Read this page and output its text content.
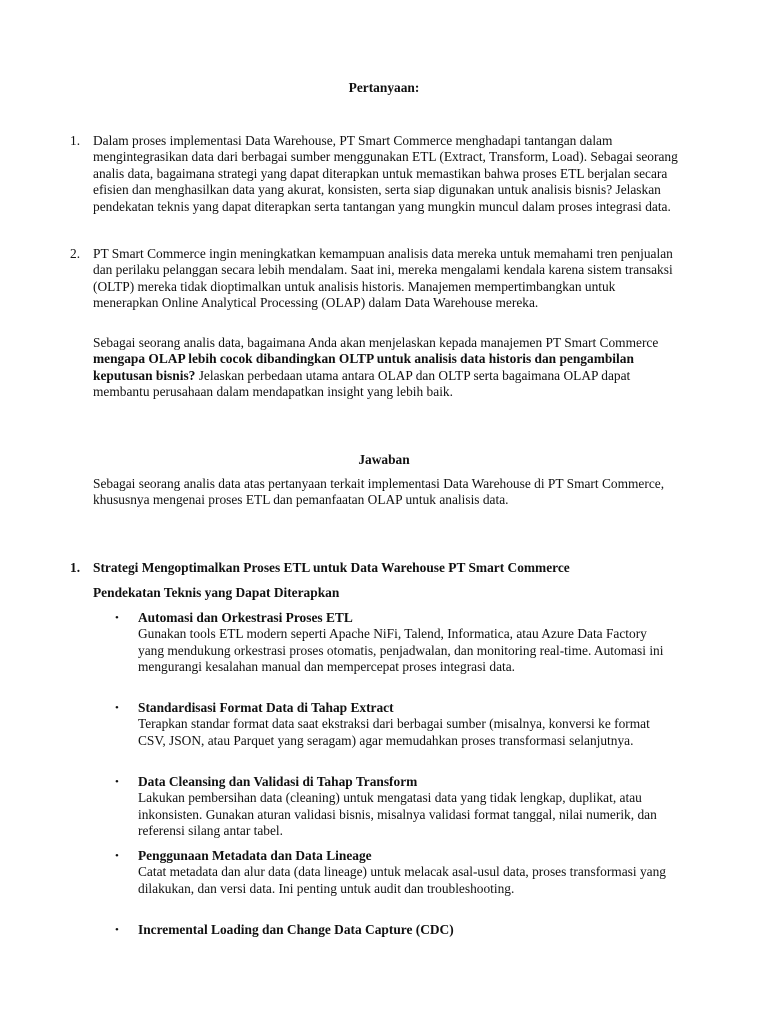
Pertanyaan:
1. Dalam proses implementasi Data Warehouse, PT Smart Commerce menghadapi tantangan dalam mengintegrasikan data dari berbagai sumber menggunakan ETL (Extract, Transform, Load). Sebagai seorang analis data, bagaimana strategi yang dapat diterapkan untuk memastikan bahwa proses ETL berjalan secara efisien dan menghasilkan data yang akurat, konsisten, serta siap digunakan untuk analisis bisnis? Jelaskan pendekatan teknis yang dapat diterapkan serta tantangan yang mungkin muncul dalam proses integrasi data.
2. PT Smart Commerce ingin meningkatkan kemampuan analisis data mereka untuk memahami tren penjualan dan perilaku pelanggan secara lebih mendalam. Saat ini, mereka mengalami kendala karena sistem transaksi (OLTP) mereka tidak dioptimalkan untuk analisis historis. Manajemen mempertimbangkan untuk menerapkan Online Analytical Processing (OLAP) dalam Data Warehouse mereka.
Sebagai seorang analis data, bagaimana Anda akan menjelaskan kepada manajemen PT Smart Commerce mengapa OLAP lebih cocok dibandingkan OLTP untuk analisis data historis dan pengambilan keputusan bisnis? Jelaskan perbedaan utama antara OLAP dan OLTP serta bagaimana OLAP dapat membantu perusahaan dalam mendapatkan insight yang lebih baik.
Jawaban
Sebagai seorang analis data atas pertanyaan terkait implementasi Data Warehouse di PT Smart Commerce, khususnya mengenai proses ETL dan pemanfaatan OLAP untuk analisis data.
1. Strategi Mengoptimalkan Proses ETL untuk Data Warehouse PT Smart Commerce
Pendekatan Teknis yang Dapat Diterapkan
• Automasi dan Orkestrasi Proses ETL
Gunakan tools ETL modern seperti Apache NiFi, Talend, Informatica, atau Azure Data Factory yang mendukung orkestrasi proses otomatis, penjadwalan, dan monitoring real-time. Automasi ini mengurangi kesalahan manual dan mempercepat proses integrasi data.
• Standardisasi Format Data di Tahap Extract
Terapkan standar format data saat ekstraksi dari berbagai sumber (misalnya, konversi ke format CSV, JSON, atau Parquet yang seragam) agar memudahkan proses transformasi selanjutnya.
• Data Cleansing dan Validasi di Tahap Transform
Lakukan pembersihan data (cleaning) untuk mengatasi data yang tidak lengkap, duplikat, atau inkonsisten. Gunakan aturan validasi bisnis, misalnya validasi format tanggal, nilai numerik, dan referensi silang antar tabel.
• Penggunaan Metadata dan Data Lineage
Catat metadata dan alur data (data lineage) untuk melacak asal-usul data, proses transformasi yang dilakukan, dan versi data. Ini penting untuk audit dan troubleshooting.
• Incremental Loading dan Change Data Capture (CDC)
